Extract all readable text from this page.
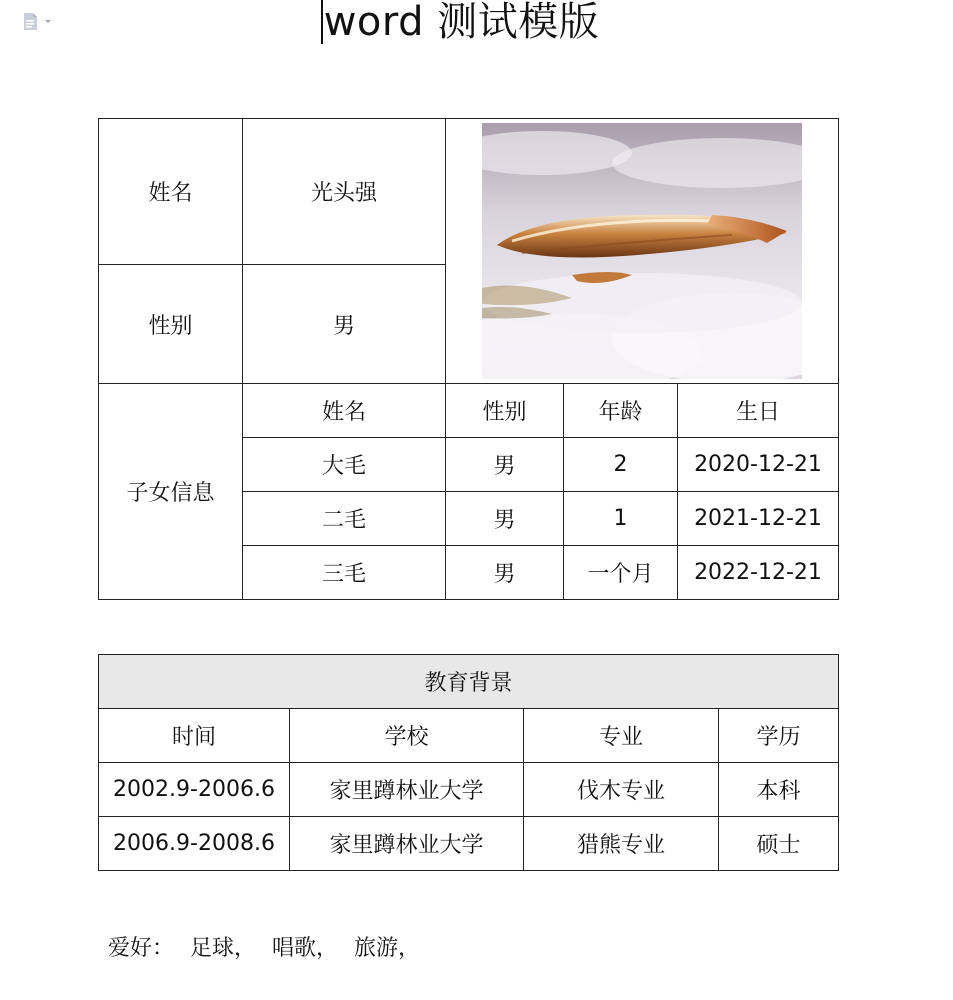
word 测试模版
姓名	光头强	

性别	男			
子女信息	姓名	性别	年龄	生日
	大毛	男	2	2020-12-21
	二毛	男	1	2021-12-21
	三毛	男	一个月	2022-12-21
教育背景			
时间	学校	专业	学历
2002.9-2006.6	家里蹲林业大学	伐木专业	本科
2006.9-2008.6	家里蹲林业大学	猎熊专业	硕士
爱好： 足球， 唱歌， 旅游，
